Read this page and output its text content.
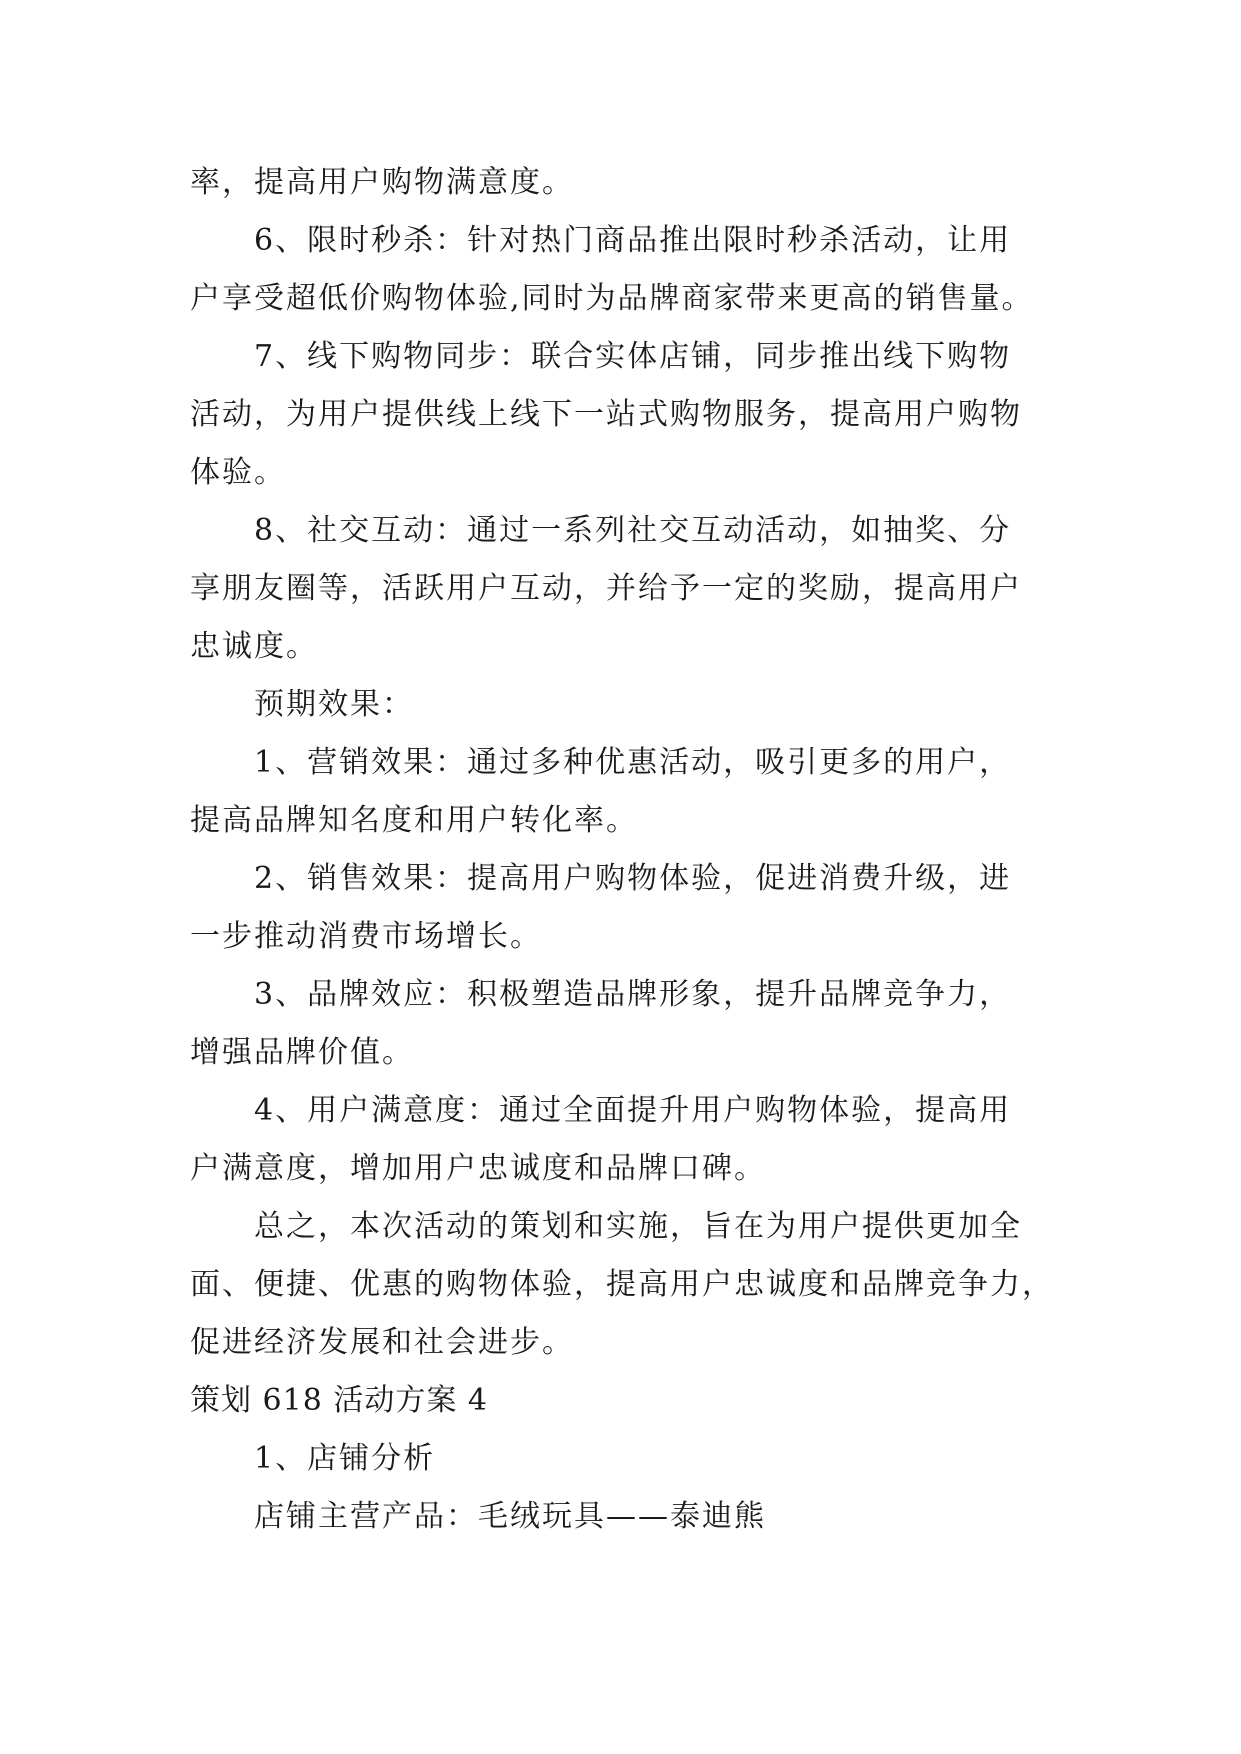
率，提高用户购物满意度。
6、限时秒杀：针对热门商品推出限时秒杀活动，让用
户享受超低价购物体验,同时为品牌商家带来更高的销售量。
7、线下购物同步：联合实体店铺，同步推出线下购物
活动，为用户提供线上线下一站式购物服务，提高用户购物
体验。
8、社交互动：通过一系列社交互动活动，如抽奖、分
享朋友圈等，活跃用户互动，并给予一定的奖励，提高用户
忠诚度。
预期效果：
1、营销效果：通过多种优惠活动，吸引更多的用户，
提高品牌知名度和用户转化率。
2、销售效果：提高用户购物体验，促进消费升级，进
一步推动消费市场增长。
3、品牌效应：积极塑造品牌形象，提升品牌竞争力，
增强品牌价值。
4、用户满意度：通过全面提升用户购物体验，提高用
户满意度，增加用户忠诚度和品牌口碑。
总之，本次活动的策划和实施，旨在为用户提供更加全
面、便捷、优惠的购物体验，提高用户忠诚度和品牌竞争力，
促进经济发展和社会进步。
策划 618 活动方案 4
1、店铺分析
店铺主营产品：毛绒玩具——泰迪熊
